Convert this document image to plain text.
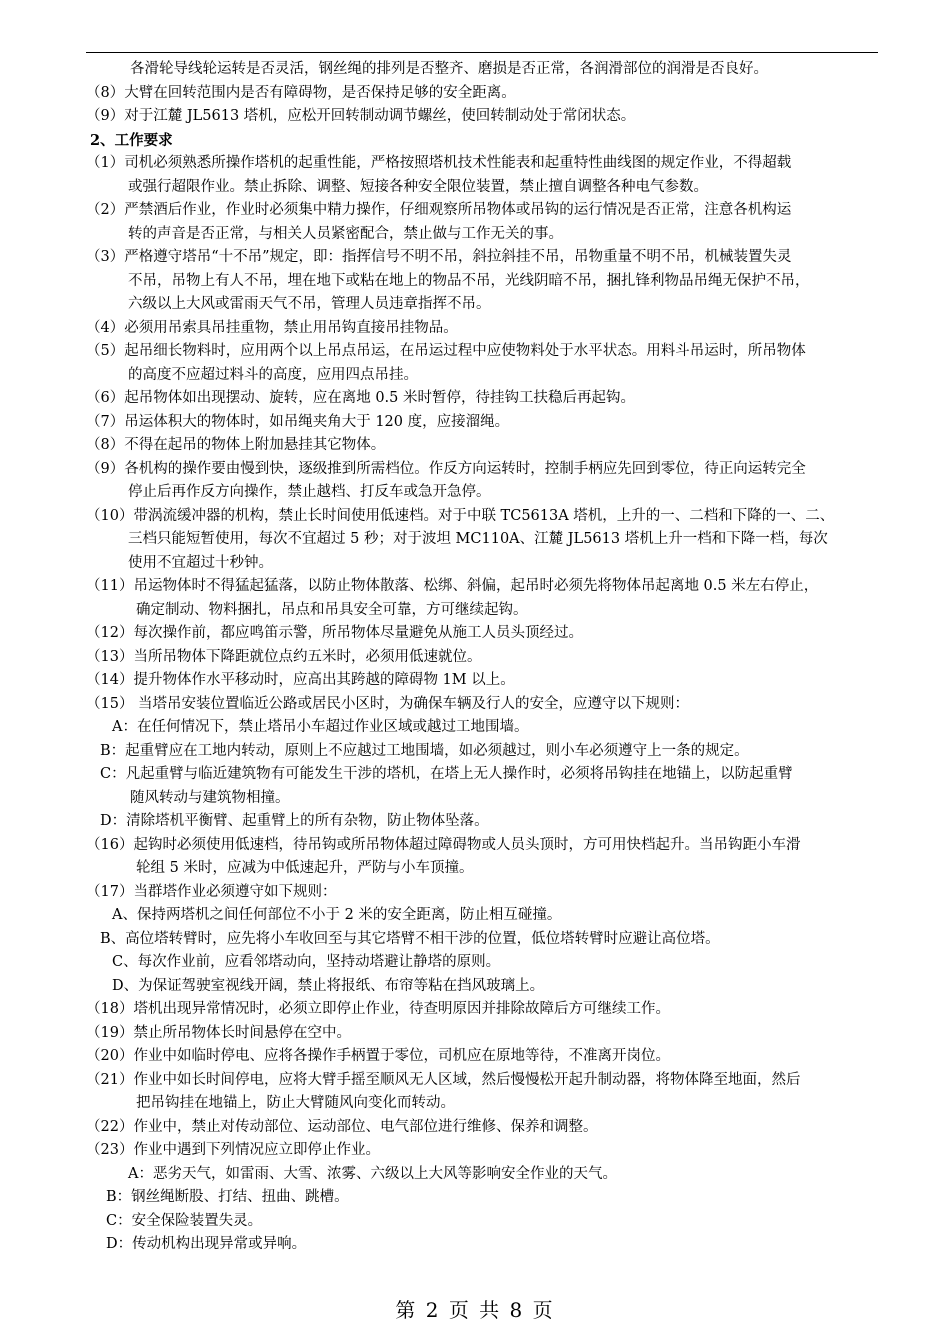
各滑轮导线轮运转是否灵活，钢丝绳的排列是否整齐、磨损是否正常，各润滑部位的润滑是否良好。
（8）大臂在回转范围内是否有障碍物，是否保持足够的安全距离。
（9）对于江麓 JL5613 塔机，应松开回转制动调节螺丝，使回转制动处于常闭状态。
2、工作要求
（1）司机必须熟悉所操作塔机的起重性能，严格按照塔机技术性能表和起重特性曲线图的规定作业，不得超载
或强行超限作业。禁止拆除、调整、短接各种安全限位装置，禁止擅自调整各种电气参数。
（2）严禁酒后作业，作业时必须集中精力操作，仔细观察所吊物体或吊钩的运行情况是否正常，注意各机构运
转的声音是否正常，与相关人员紧密配合，禁止做与工作无关的事。
（3）严格遵守塔吊“十不吊”规定，即：指挥信号不明不吊，斜拉斜挂不吊，吊物重量不明不吊，机械装置失灵
不吊，吊物上有人不吊，埋在地下或粘在地上的物品不吊，光线阴暗不吊，捆扎锋利物品吊绳无保护不吊，
六级以上大风或雷雨天气不吊，管理人员违章指挥不吊。
（4）必须用吊索具吊挂重物，禁止用吊钩直接吊挂物品。
（5）起吊细长物料时，应用两个以上吊点吊运，在吊运过程中应使物料处于水平状态。用料斗吊运时，所吊物体
的高度不应超过料斗的高度，应用四点吊挂。
（6）起吊物体如出现摆动、旋转，应在离地 0.5 米时暂停，待挂钩工扶稳后再起钩。
（7）吊运体积大的物体时，如吊绳夹角大于 120 度，应接溜绳。
（8）不得在起吊的物体上附加悬挂其它物体。
（9）各机构的操作要由慢到快，逐级推到所需档位。作反方向运转时，控制手柄应先回到零位，待正向运转完全
停止后再作反方向操作，禁止越档、打反车或急开急停。
（10）带涡流缓冲器的机构，禁止长时间使用低速档。对于中联 TC5613A 塔机，上升的一、二档和下降的一、二、
三档只能短暂使用，每次不宜超过 5 秒；对于波坦 MC110A、江麓 JL5613 塔机上升一档和下降一档，每次
使用不宜超过十秒钟。
（11）吊运物体时不得猛起猛落，以防止物体散落、松绑、斜偏，起吊时必须先将物体吊起离地 0.5 米左右停止，
确定制动、物料捆扎，吊点和吊具安全可靠，方可继续起钩。
（12）每次操作前，都应鸣笛示警，所吊物体尽量避免从施工人员头顶经过。
（13）当所吊物体下降距就位点约五米时，必须用低速就位。
（14）提升物体作水平移动时，应高出其跨越的障碍物 1M 以上。
（15） 当塔吊安装位置临近公路或居民小区时，为确保车辆及行人的安全，应遵守以下规则：
A：在任何情况下，禁止塔吊小车超过作业区域或越过工地围墙。
B：起重臂应在工地内转动，原则上不应越过工地围墙，如必须越过，则小车必须遵守上一条的规定。
C：凡起重臂与临近建筑物有可能发生干涉的塔机，在塔上无人操作时，必须将吊钩挂在地锚上，以防起重臂
随风转动与建筑物相撞。
D：清除塔机平衡臂、起重臂上的所有杂物，防止物体坠落。
（16）起钩时必须使用低速档，待吊钩或所吊物体超过障碍物或人员头顶时，方可用快档起升。当吊钩距小车滑
轮组 5 米时，应减为中低速起升，严防与小车顶撞。
（17）当群塔作业必须遵守如下规则：
A、保持两塔机之间任何部位不小于 2 米的安全距离，防止相互碰撞。
B、高位塔转臂时，应先将小车收回至与其它塔臂不相干涉的位置，低位塔转臂时应避让高位塔。
C、每次作业前，应看邻塔动向，坚持动塔避让静塔的原则。
D、为保证驾驶室视线开阔，禁止将报纸、布帘等粘在挡风玻璃上。
（18）塔机出现异常情况时，必须立即停止作业，待查明原因并排除故障后方可继续工作。
（19）禁止所吊物体长时间悬停在空中。
（20）作业中如临时停电、应将各操作手柄置于零位，司机应在原地等待，不准离开岗位。
（21）作业中如长时间停电，应将大臂手摇至顺风无人区域，然后慢慢松开起升制动器，将物体降至地面，然后
把吊钩挂在地锚上，防止大臂随风向变化而转动。
（22）作业中，禁止对传动部位、运动部位、电气部位进行维修、保养和调整。
（23）作业中遇到下列情况应立即停止作业。
A：恶劣天气，如雷雨、大雪、浓雾、六级以上大风等影响安全作业的天气。
B：钢丝绳断股、打结、扭曲、跳槽。
C：安全保险装置失灵。
D：传动机构出现异常或异响。
第 2 页 共 8 页
